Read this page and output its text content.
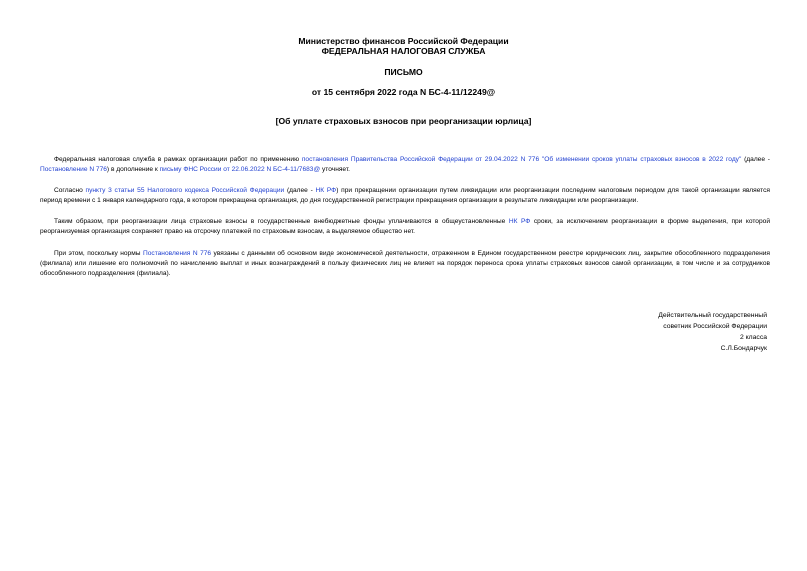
Министерство финансов Российской Федерации
ФЕДЕРАЛЬНАЯ НАЛОГОВАЯ СЛУЖБА
ПИСЬМО
от 15 сентября 2022 года N БС-4-11/12249@
[Об уплате страховых взносов при реорганизации юрлица]
Федеральная налоговая служба в рамках организации работ по применению постановления Правительства Российской Федерации от 29.04.2022 N 776 "Об изменении сроков уплаты страховых взносов в 2022 году" (далее - Постановление N 776) в дополнение к письму ФНС России от 22.06.2022 N БС-4-11/7683@ уточняет.
Согласно пункту 3 статьи 55 Налогового кодекса Российской Федерации (далее - НК РФ) при прекращении организации путем ликвидации или реорганизации последним налоговым периодом для такой организации является период времени с 1 января календарного года, в котором прекращена организация, до дня государственной регистрации прекращения организации в результате ликвидации или реорганизации.
Таким образом, при реорганизации лица страховые взносы в государственные внебюджетные фонды уплачиваются в общеустановленные НК РФ сроки, за исключением реорганизации в форме выделения, при которой реорганизуемая организация сохраняет право на отсрочку платежей по страховым взносам, а выделяемое общество нет.
При этом, поскольку нормы Постановления N 776 увязаны с данными об основном виде экономической деятельности, отраженном в Едином государственном реестре юридических лиц, закрытие обособленного подразделения (филиала) или лишение его полномочий по начислению выплат и иных вознаграждений в пользу физических лиц не влияет на порядок переноса срока уплаты страховых взносов самой организации, в том числе и за сотрудников обособленного подразделения (филиала).
Действительный государственный
советник Российской Федерации
2 класса
С.Л.Бондарчук
